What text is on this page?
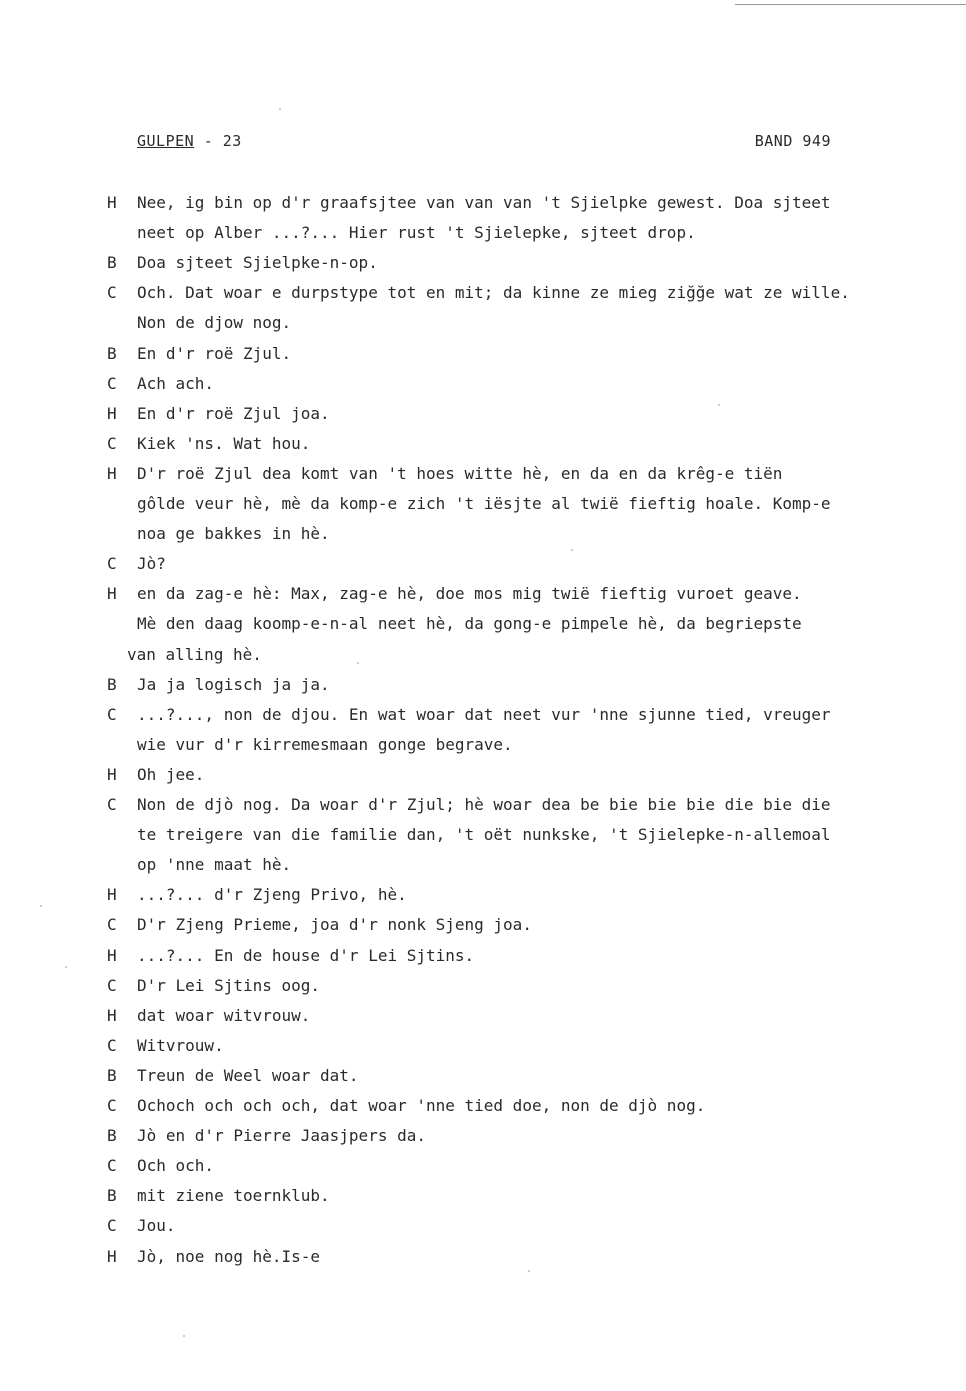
GULPEN - 23	BAND 949
H	Nee, ig bin op d'r graafsjtee van van van 't Sjielpke gewest. Doa sjteet
neet op Alber ...?... Hier rust 't Sjielepke, sjteet drop.
B	Doa sjteet Sjielpke-n-op.
C	Och. Dat woar e durpstype tot en mit; da kinne ze mieg ziğğe wat ze wille.
Non de djow nog.
B	En d'r roë Zjul.
C	Ach ach.
H	En d'r roë Zjul joa.
C	Kiek 'ns. Wat hou.
H	D'r roë Zjul dea komt van 't hoes witte hè, en da en da krêg-e tiën
gôlde veur hè, mè da komp-e zich 't iësjte al twië fieftig hoale. Komp-e
noa ge bakkes in hè.
C	Jò?
H	en da zag-e hè: Max, zag-e hè, doe mos mig twië fieftig vuroet geave.
Mè den daag koomp-e-n-al neet hè, da gong-e pimpele hè, da begriepste
van alling hè.
B	Ja ja logisch ja ja.
C	...?..., non de djou. En wat woar dat neet vur 'nne sjunne tied, vreuger
wie vur d'r kirremesmaan gonge begrave.
H	Oh jee.
C	Non de djò nog. Da woar d'r Zjul; hè woar dea be bie bie bie die bie die
te treigere van die familie dan, 't oët nunkske, 't Sjielepke-n-allemoal
op 'nne maat hè.
H	...?... d'r Zjeng Privo, hè.
C	D'r Zjeng Prieme, joa d'r nonk Sjeng joa.
H	...?... En de house d'r Lei Sjtins.
C	D'r Lei Sjtins oog.
H	dat woar witvrouw.
C	Witvrouw.
B	Treun de Weel woar dat.
C	Ochoch och och och, dat woar 'nne tied doe, non de djò nog.
B	Jò en d'r Pierre Jaasjpers da.
C	Och och.
B	mit ziene toernklub.
C	Jou.
H	Jò, noe nog hè.Is-e
